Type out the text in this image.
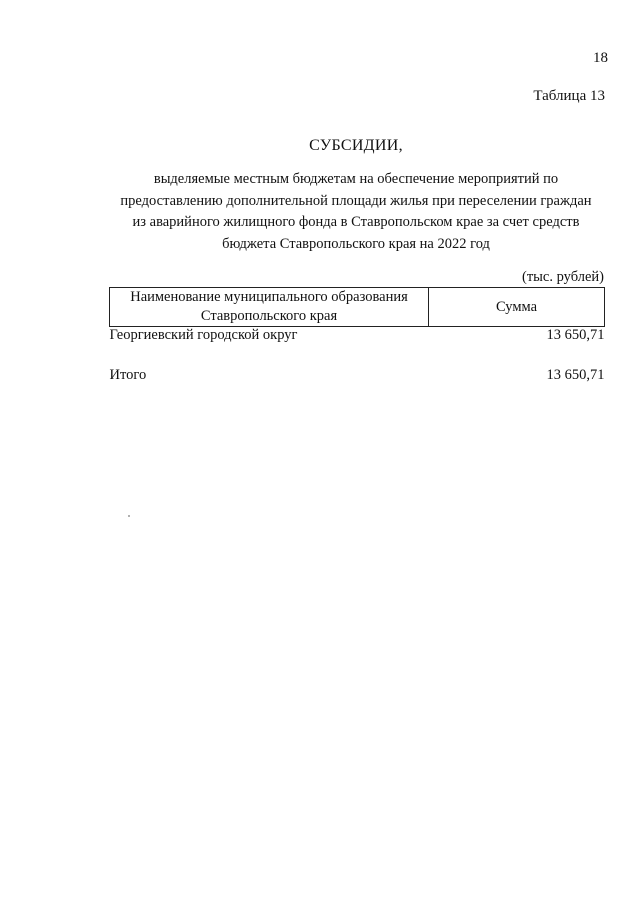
18
Таблица 13
СУБСИДИИ,
выделяемые местным бюджетам на обеспечение мероприятий по
предоставлению дополнительной площади жилья при переселении граждан
из аварийного жилищного фонда в Ставропольском крае за счет средств
бюджета Ставропольского края на 2022 год
(тыс. рублей)
Наименование муниципального образования Ставропольского края	Сумма
Георгиевский городской округ	13 650,71

Итого	13 650,71
